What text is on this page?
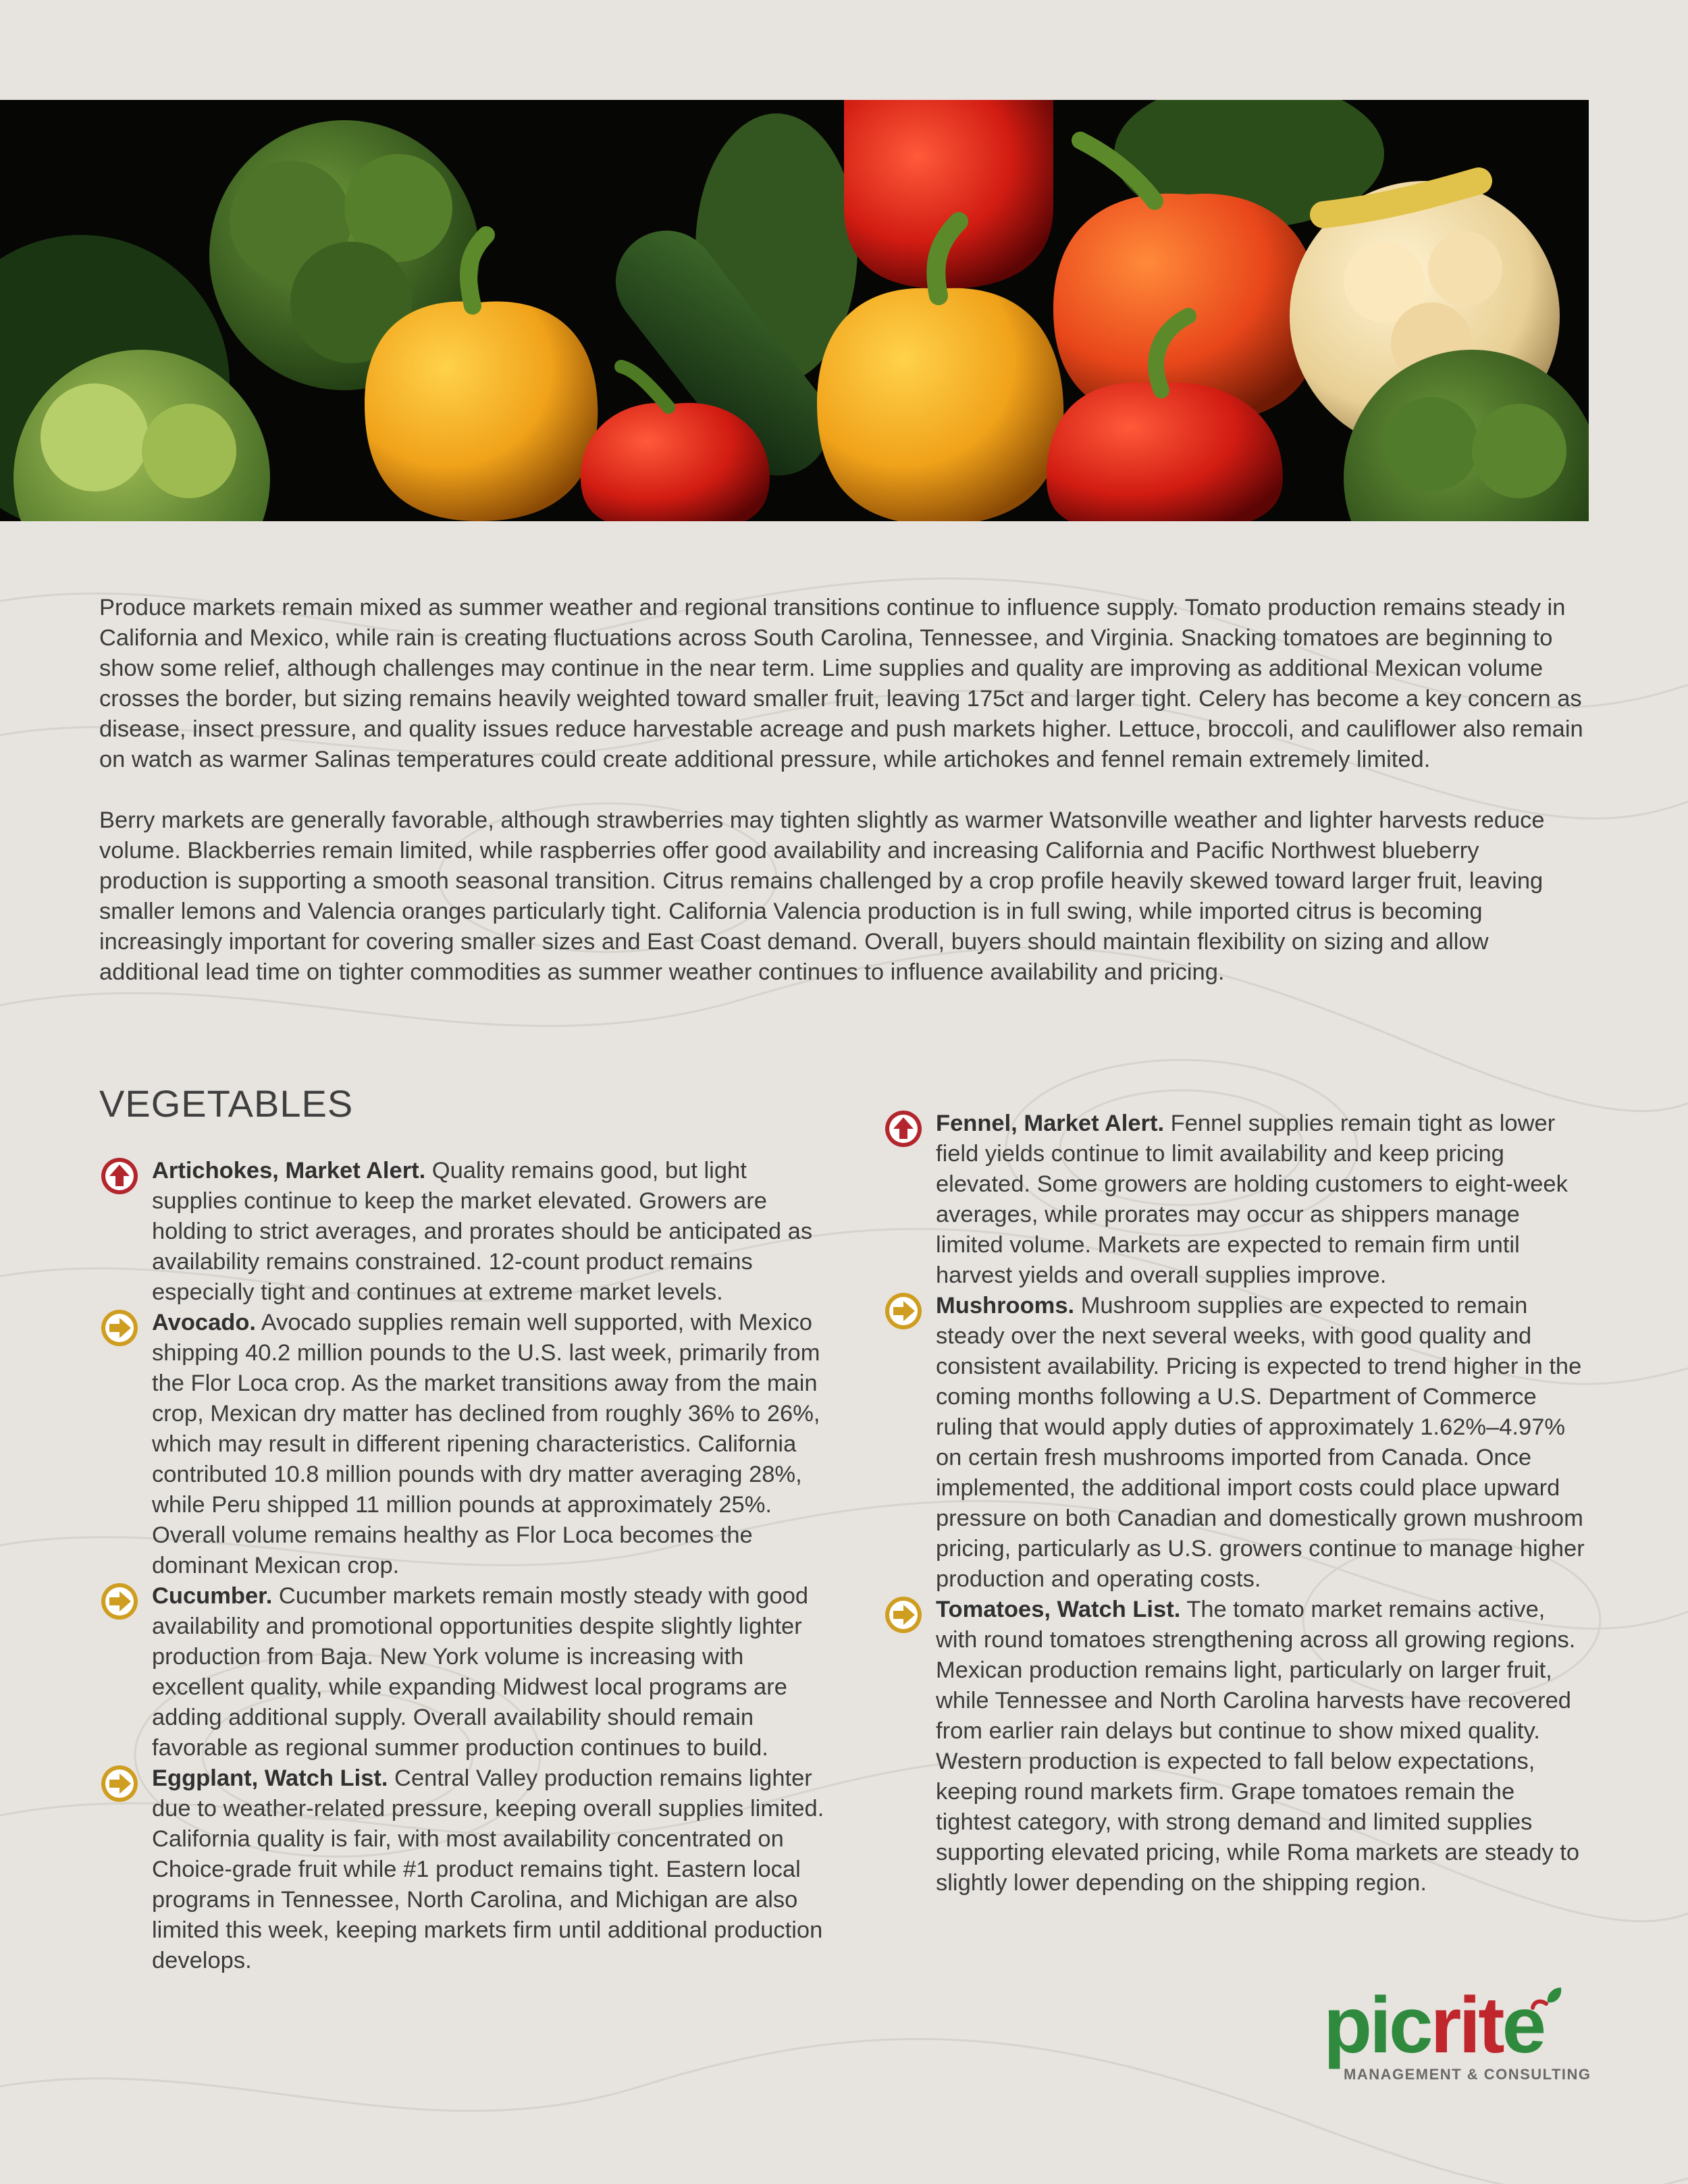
Produce markets remain mixed as summer weather and regional transitions continue to influence supply. Tomato production remains steady in California and Mexico, while rain is creating fluctuations across South Carolina, Tennessee, and Virginia. Snacking tomatoes are beginning to show some relief, although challenges may continue in the near term. Lime supplies and quality are improving as additional Mexican volume crosses the border, but sizing remains heavily weighted toward smaller fruit, leaving 175ct and larger tight. Celery has become a key concern as disease, insect pressure, and quality issues reduce harvestable acreage and push markets higher. Lettuce, broccoli, and cauliflower also remain on watch as warmer Salinas temperatures could create additional pressure, while artichokes and fennel remain extremely limited.

Berry markets are generally favorable, although strawberries may tighten slightly as warmer Watsonville weather and lighter harvests reduce volume. Blackberries remain limited, while raspberries offer good availability and increasing California and Pacific Northwest blueberry production is supporting a smooth seasonal transition. Citrus remains challenged by a crop profile heavily skewed toward larger fruit, leaving smaller lemons and Valencia oranges particularly tight. California Valencia production is in full swing, while imported citrus is becoming increasingly important for covering smaller sizes and East Coast demand. Overall, buyers should maintain flexibility on sizing and allow additional lead time on tighter commodities as summer weather continues to influence availability and pricing.

VEGETABLES
Artichokes, Market Alert. Quality remains good, but light supplies continue to keep the market elevated. Growers are holding to strict averages, and prorates should be anticipated as availability remains constrained. 12-count product remains especially tight and continues at extreme market levels.
Avocado. Avocado supplies remain well supported, with Mexico shipping 40.2 million pounds to the U.S. last week, primarily from the Flor Loca crop. As the market transitions away from the main crop, Mexican dry matter has declined from roughly 36% to 26%, which may result in different ripening characteristics. California contributed 10.8 million pounds with dry matter averaging 28%, while Peru shipped 11 million pounds at approximately 25%. Overall volume remains healthy as Flor Loca becomes the dominant Mexican crop.
Cucumber. Cucumber markets remain mostly steady with good availability and promotional opportunities despite slightly lighter production from Baja. New York volume is increasing with excellent quality, while expanding Midwest local programs are adding additional supply. Overall availability should remain favorable as regional summer production continues to build.
Eggplant, Watch List. Central Valley production remains lighter due to weather-related pressure, keeping overall supplies limited. California quality is fair, with most availability concentrated on Choice-grade fruit while #1 product remains tight. Eastern local programs in Tennessee, North Carolina, and Michigan are also limited this week, keeping markets firm until additional production develops.
Fennel, Market Alert. Fennel supplies remain tight as lower field yields continue to limit availability and keep pricing elevated. Some growers are holding customers to eight-week averages, while prorates may occur as shippers manage limited volume. Markets are expected to remain firm until harvest yields and overall supplies improve.
Mushrooms. Mushroom supplies are expected to remain steady over the next several weeks, with good quality and consistent availability. Pricing is expected to trend higher in the coming months following a U.S. Department of Commerce ruling that would apply duties of approximately 1.62%–4.97% on certain fresh mushrooms imported from Canada. Once implemented, the additional import costs could place upward pressure on both Canadian and domestically grown mushroom pricing, particularly as U.S. growers continue to manage higher production and operating costs.
Tomatoes, Watch List. The tomato market remains active, with round tomatoes strengthening across all growing regions. Mexican production remains light, particularly on larger fruit, while Tennessee and North Carolina harvests have recovered from earlier rain delays but continue to show mixed quality. Western production is expected to fall below expectations, keeping round markets firm. Grape tomatoes remain the tightest category, with strong demand and limited supplies supporting elevated pricing, while Roma markets are steady to slightly lower depending on the shipping region.
picrite
MANAGEMENT & CONSULTING
